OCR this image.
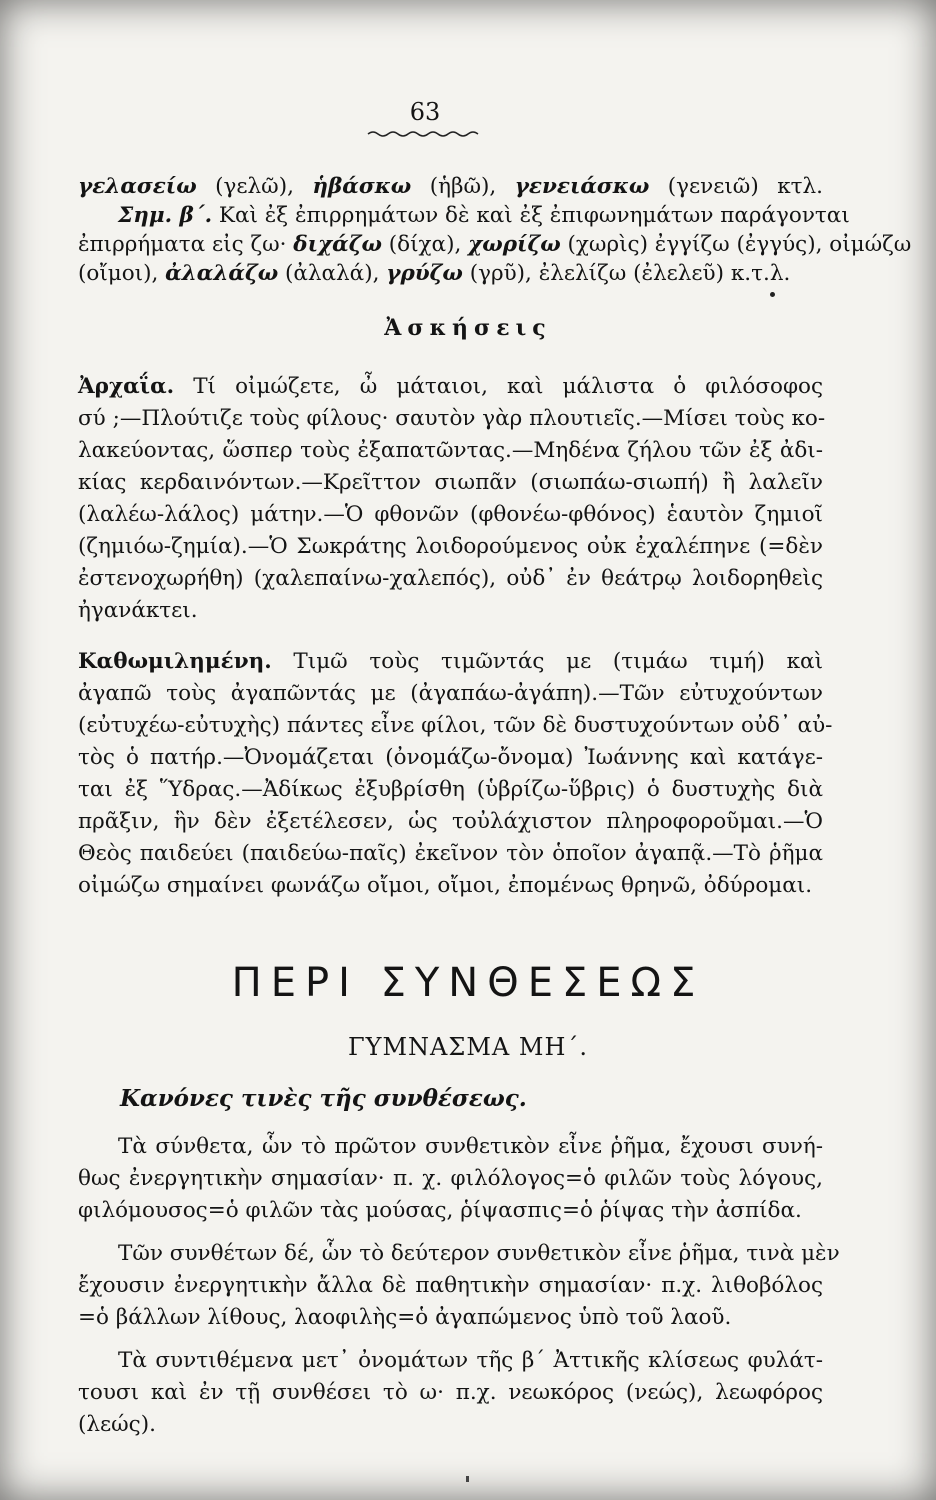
63

γελασείω (γελῶ), ἡβάσκω (ἡβῶ), γενειάσκω (γενειῶ) κτλ.

Σημ. β΄. Καὶ ἐξ ἐπιρρημάτων δὲ καὶ ἐξ ἐπιφωνημάτων παράγονται

ἐπιρρήματα εἰς ζω· διχάζω (δίχα), χωρίζω (χωρὶς) ἐγγίζω (ἐγγύς), οἰμώζω

(οἴμοι), ἀλαλάζω (ἀλαλά), γρύζω (γρῦ), ἐλελίζω (ἐλελεῦ) κ.τ.λ.

Ἀσκήσεις

Ἀρχαΐα. Τί οἰμώζετε, ὦ μάταιοι, καὶ μάλιστα ὁ φιλόσοφος

σύ ;—Πλούτιζε τοὺς φίλους· σαυτὸν γὰρ πλουτιεῖς.—Μίσει τοὺς κο-

λακεύοντας, ὥσπερ τοὺς ἐξαπατῶντας.—Μηδένα ζήλου τῶν ἐξ ἀδι-

κίας κερδαινόντων.—Κρεῖττον σιωπᾶν (σιωπάω-σιωπή) ἢ λαλεῖν

(λαλέω-λάλος) μάτην.—Ὁ φθονῶν (φθονέω-φθόνος) ἑαυτὸν ζημιοῖ

(ζημιόω-ζημία).—Ὁ Σωκράτης λοιδορούμενος οὐκ ἐχαλέπηνε (=δὲν

ἐστενοχωρήθη) (χαλεπαίνω-χαλεπός), οὐδ᾽ ἐν θεάτρῳ λοιδορηθεὶς

ἠγανάκτει.

Καθωμιλημένη. Τιμῶ τοὺς τιμῶντάς με (τιμάω τιμή) καὶ

ἀγαπῶ τοὺς ἀγαπῶντάς με (ἀγαπάω-ἀγάπη).—Τῶν εὐτυχούντων

(εὐτυχέω-εὐτυχὴς) πάντες εἶνε φίλοι, τῶν δὲ δυστυχούντων οὐδ᾽ αὐ-

τὸς ὁ πατήρ.—Ὀνομάζεται (ὀνομάζω-ὄνομα) Ἰωάννης καὶ κατάγε-

ται ἐξ Ὕδρας.—Ἀδίκως ἐξυβρίσθη (ὑβρίζω-ὕβρις) ὁ δυστυχὴς διὰ

πρᾶξιν, ἣν δὲν ἐξετέλεσεν, ὡς τοὐλάχιστον πληροφοροῦμαι.—Ὁ

Θεὸς παιδεύει (παιδεύω-παῖς) ἐκεῖνον τὸν ὁποῖον ἀγαπᾷ.—Τὸ ῥῆμα

οἰμώζω σημαίνει φωνάζω οἴμοι, οἴμοι, ἐπομένως θρηνῶ, ὀδύρομαι.

ΠΕΡΙ ΣΥΝΘΕΣΕΩΣ

ΓΥΜΝΑΣΜΑ ΜΗ΄.

Κανόνες τινὲς τῆς συνθέσεως.

Τὰ σύνθετα, ὧν τὸ πρῶτον συνθετικὸν εἶνε ῥῆμα, ἔχουσι συνή-

θως ἐνεργητικὴν σημασίαν· π. χ. φιλόλογος=ὁ φιλῶν τοὺς λόγους,

φιλόμουσος=ὁ φιλῶν τὰς μούσας, ῥίψασπις=ὁ ῥίψας τὴν ἀσπίδα.

Τῶν συνθέτων δέ, ὧν τὸ δεύτερον συνθετικὸν εἶνε ῥῆμα, τινὰ μὲν

ἔχουσιν ἐνεργητικὴν ἄλλα δὲ παθητικὴν σημασίαν· π.χ. λιθοβόλος

=ὁ βάλλων λίθους, λαοφιλὴς=ὁ ἀγαπώμενος ὑπὸ τοῦ λαοῦ.

Τὰ συντιθέμενα μετ᾽ ὀνομάτων τῆς β΄ Ἀττικῆς κλίσεως φυλάτ-

τουσι καὶ ἐν τῇ συνθέσει τὸ ω· π.χ. νεωκόρος (νεώς), λεωφόρος

(λεώς).
